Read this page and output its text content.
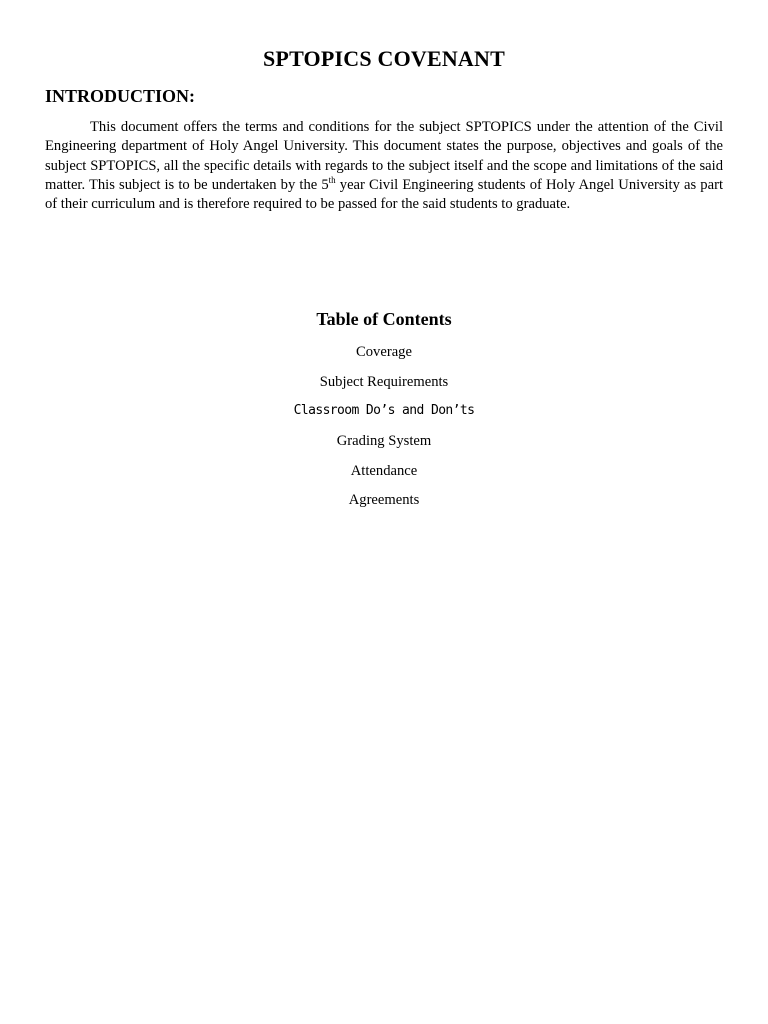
SPTOPICS COVENANT
INTRODUCTION:

This document offers the terms and conditions for the subject SPTOPICS under the attention of the Civil Engineering department of Holy Angel University. This document states the purpose, objectives and goals of the subject SPTOPICS, all the specific details with regards to the subject itself and the scope and limitations of the said matter. This subject is to be undertaken by the 5th year Civil Engineering students of Holy Angel University as part of their curriculum and is therefore required to be passed for the said students to graduate.

Table of Contents
Coverage
Subject Requirements
Classroom Do’s and Don’ts
Grading System
Attendance
Agreements
